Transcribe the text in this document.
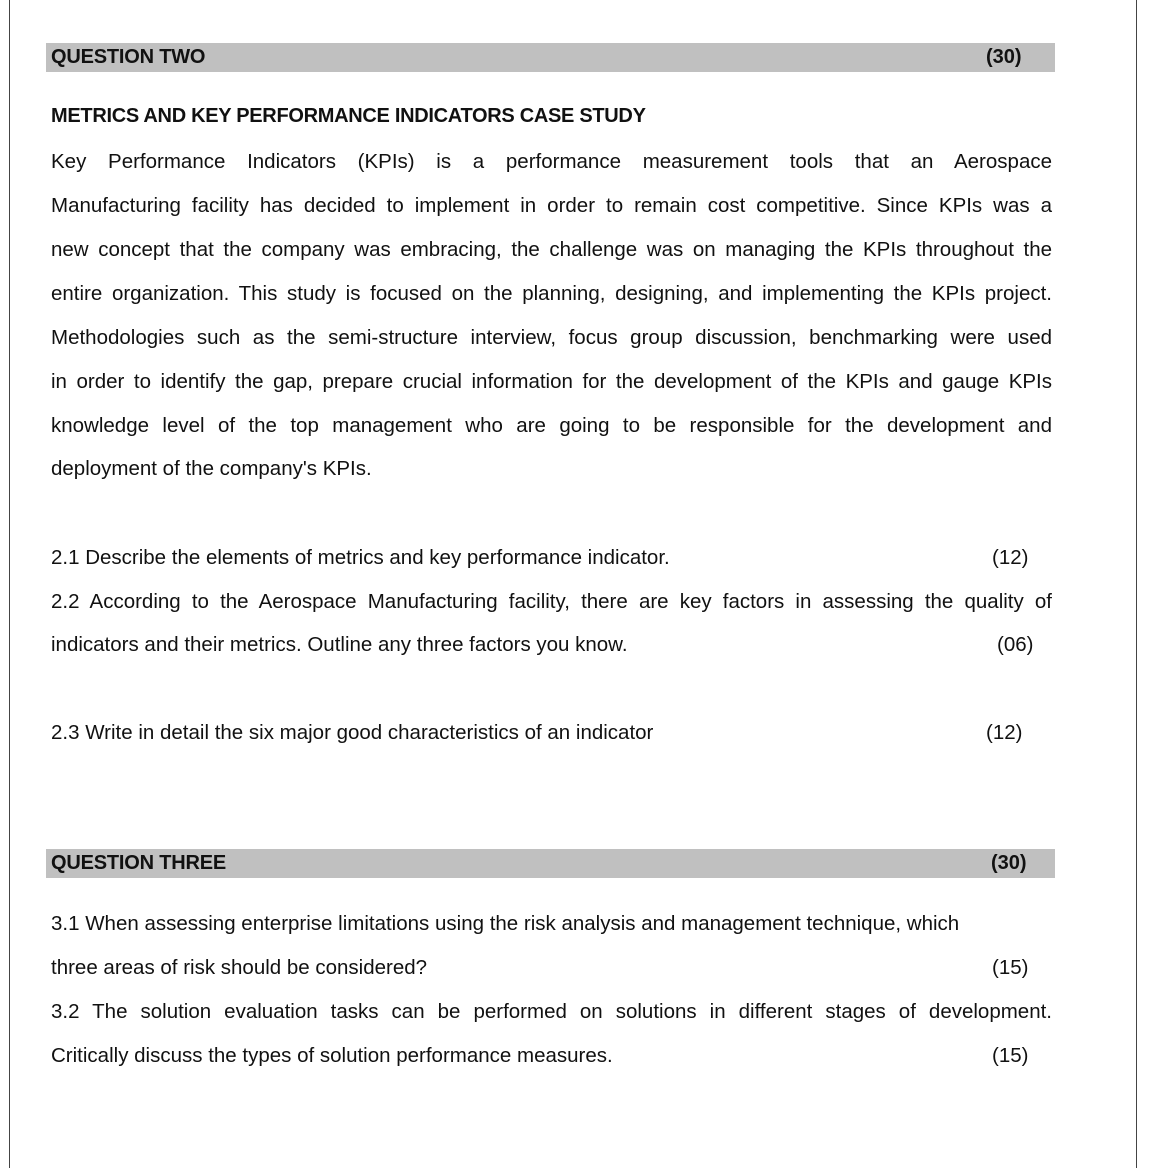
QUESTION TWO	(30)
METRICS AND KEY PERFORMANCE INDICATORS CASE STUDY
Key Performance Indicators (KPIs) is a performance measurement tools that an Aerospace
Manufacturing facility has decided to implement in order to remain cost competitive. Since KPIs was a
new concept that the company was embracing, the challenge was on managing the KPIs throughout the
entire organization. This study is focused on the planning, designing, and implementing the KPIs project.
Methodologies such as the semi-structure interview, focus group discussion, benchmarking were used
in order to identify the gap, prepare crucial information for the development of the KPIs and gauge KPIs
knowledge level of the top management who are going to be responsible for the development and
deployment of the company's KPIs.
2.1 Describe the elements of metrics and key performance indicator.	(12)
2.2 According to the Aerospace Manufacturing facility, there are key factors in assessing the quality of
indicators and their metrics. Outline any three factors you know.	(06)
2.3 Write in detail the six major good characteristics of an indicator	(12)
QUESTION THREE	(30)
3.1 When assessing enterprise limitations using the risk analysis and management technique, which
three areas of risk should be considered?	(15)
3.2 The solution evaluation tasks can be performed on solutions in different stages of development.
Critically discuss the types of solution performance measures.	(15)
